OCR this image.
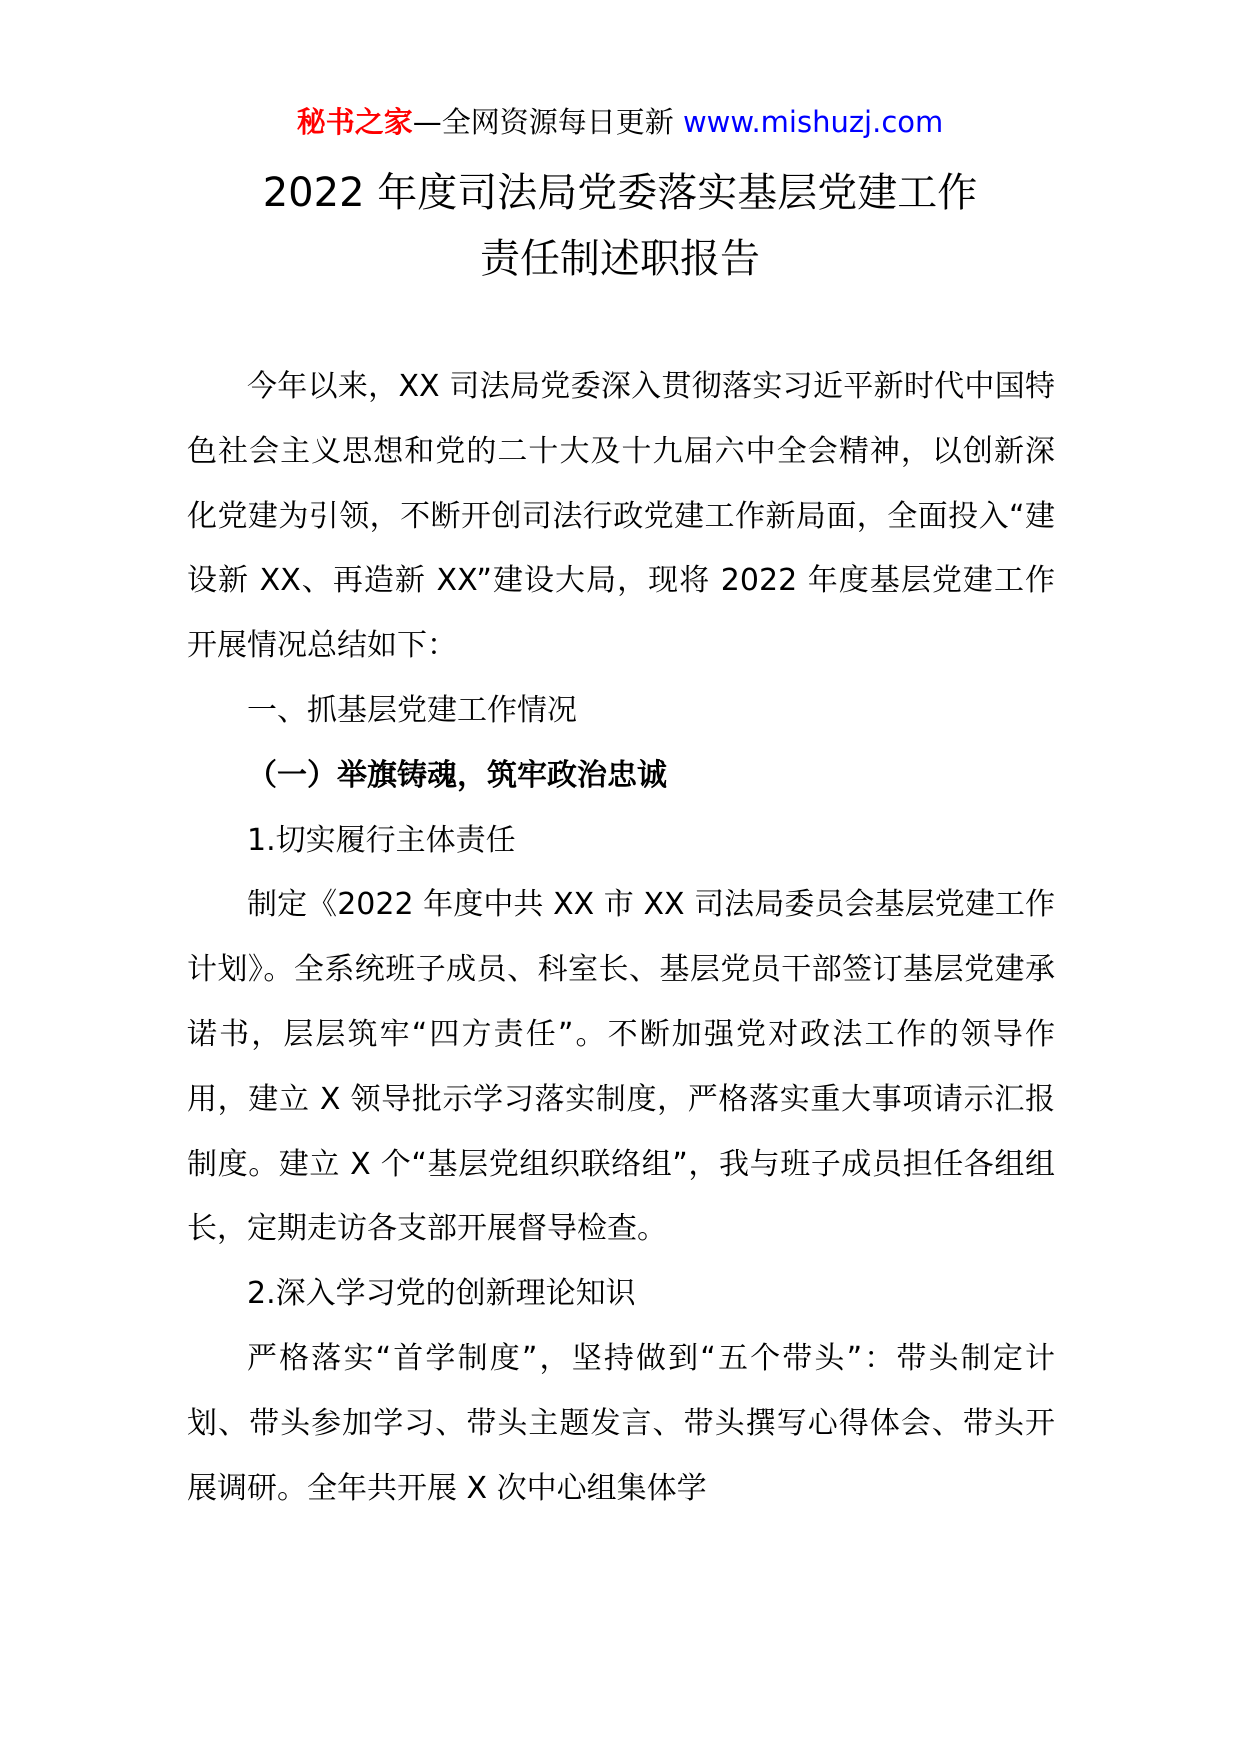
秘书之家—全网资源每日更新 www.mishuzj.com
2022 年度司法局党委落实基层党建工作
责任制述职报告

今年以来，XX 司法局党委深入贯彻落实习近平新时代中国特色社会主义思想和党的二十大及十九届六中全会精神，以创新深化党建为引领，不断开创司法行政党建工作新局面，全面投入“建设新 XX、再造新 XX”建设大局，现将 2022 年度基层党建工作开展情况总结如下：

一、抓基层党建工作情况

（一）举旗铸魂，筑牢政治忠诚

1.切实履行主体责任

制定《2022 年度中共 XX 市 XX 司法局委员会基层党建工作计划》。全系统班子成员、科室长、基层党员干部签订基层党建承诺书，层层筑牢“四方责任”。不断加强党对政法工作的领导作用，建立 X 领导批示学习落实制度，严格落实重大事项请示汇报制度。建立 X 个“基层党组织联络组”，我与班子成员担任各组组长，定期走访各支部开展督导检查。

2.深入学习党的创新理论知识

严格落实“首学制度”，坚持做到“五个带头”：带头制定计划、带头参加学习、带头主题发言、带头撰写心得体会、带头开展调研。全年共开展 X 次中心组集体学
